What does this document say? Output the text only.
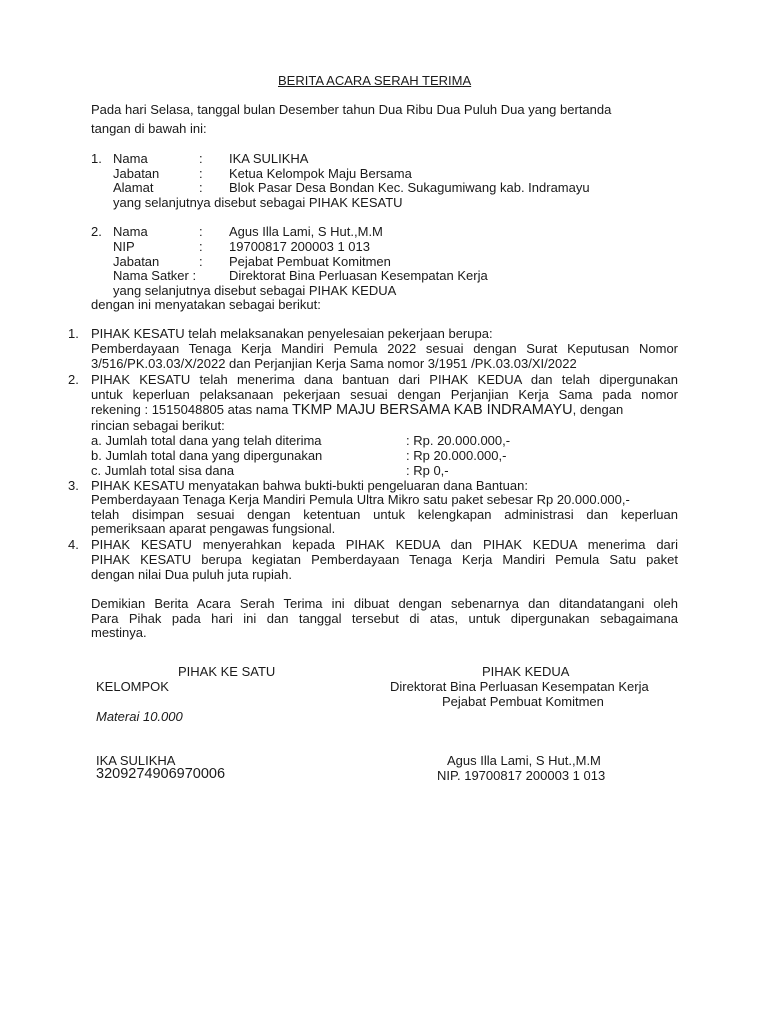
BERITA ACARA SERAH TERIMA
Pada hari Selasa, tanggal bulan Desember tahun Dua Ribu Dua Puluh Dua yang bertanda
tangan di bawah ini:
1. Nama	: IKA SULIKHA
Jabatan	: Ketua Kelompok Maju Bersama
Alamat	: Blok Pasar Desa Bondan Kec. Sukagumiwang kab. Indramayu
yang selanjutnya disebut sebagai PIHAK KESATU
2. Nama	: Agus Illa Lami, S Hut.,M.M
NIP	: 19700817 200003 1 013
Jabatan	: Pejabat Pembuat Komitmen
Nama Satker :	Direktorat Bina Perluasan Kesempatan Kerja
yang selanjutnya disebut sebagai PIHAK KEDUA
dengan ini menyatakan sebagai berikut:
1. PIHAK KESATU telah melaksanakan penyelesaian pekerjaan berupa:
Pemberdayaan Tenaga Kerja Mandiri Pemula 2022 sesuai dengan Surat Keputusan Nomor
3/516/PK.03.03/X/2022 dan Perjanjian Kerja Sama nomor 3/1951 /PK.03.03/XI/2022
2. PIHAK KESATU telah menerima dana bantuan dari PIHAK KEDUA dan telah dipergunakan
untuk keperluan pelaksanaan pekerjaan sesuai dengan Perjanjian Kerja Sama pada nomor
rekening : 1515048805 atas nama TKMP MAJU BERSAMA KAB INDRAMAYU, dengan
rincian sebagai berikut:
a. Jumlah total dana yang telah diterima	: Rp. 20.000.000,-
b. Jumlah total dana yang dipergunakan	: Rp 20.000.000,-
c. Jumlah total sisa dana	: Rp 0,-
3. PIHAK KESATU menyatakan bahwa bukti-bukti pengeluaran dana Bantuan:
Pemberdayaan Tenaga Kerja Mandiri Pemula Ultra Mikro satu paket sebesar Rp 20.000.000,-
telah disimpan sesuai dengan ketentuan untuk kelengkapan administrasi dan keperluan
pemeriksaan aparat pengawas fungsional.
4. PIHAK KESATU menyerahkan kepada PIHAK KEDUA dan PIHAK KEDUA menerima dari
PIHAK KESATU berupa kegiatan Pemberdayaan Tenaga Kerja Mandiri Pemula Satu paket
dengan nilai Dua puluh juta rupiah.
Demikian Berita Acara Serah Terima ini dibuat dengan sebenarnya dan ditandatangani oleh
Para Pihak pada hari ini dan tanggal tersebut di atas, untuk dipergunakan sebagaimana
mestinya.
PIHAK KE SATU
KELOMPOK
Materai 10.000
IKA SULIKHA
3209274906970006
PIHAK KEDUA
Direktorat Bina Perluasan Kesempatan Kerja
Pejabat Pembuat Komitmen
Agus Illa Lami, S Hut.,M.M
NIP. 19700817 200003 1 013
